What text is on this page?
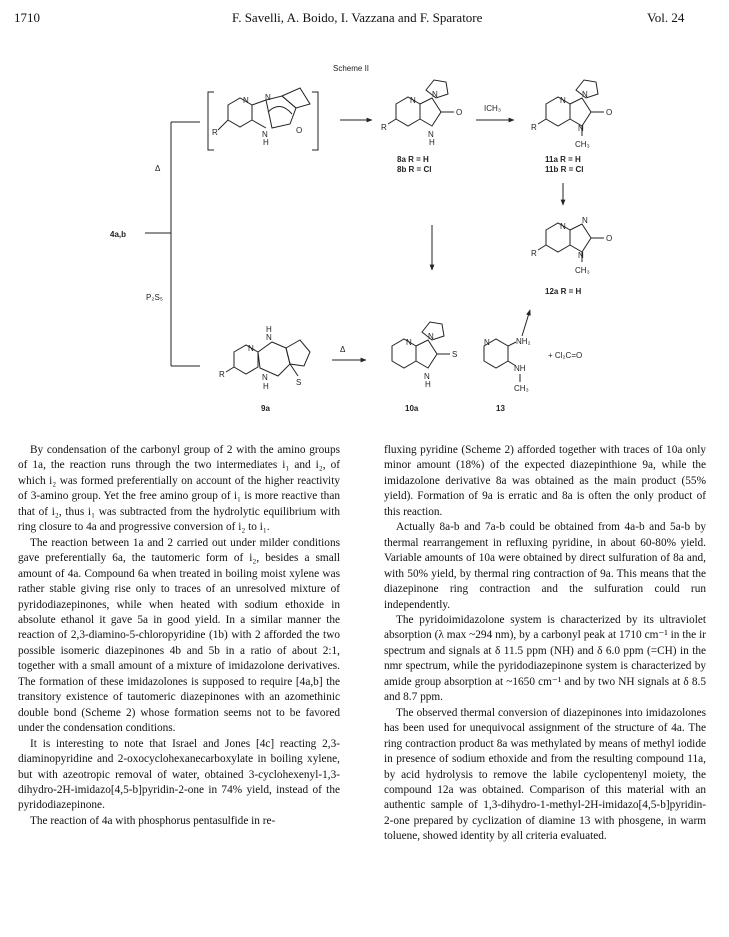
1710	F. Savelli, A. Boido, I. Vazzana and F. Sparatore	Vol. 24
Scheme II
Δ
4a,b
P₂S₅
N N
N
H
O
R
N
N
N
H
O
R
8a R = H
8b R = Cl
ICH₃
N
N
N
CH₃
O
R
11a R = H
11b R = Cl
N
N
N
CH₃
O
R
12a R = H
N
N
H
N
H	S
R
9a
Δ
N
N
N
H
S
10a
N	NH₂
NH
CH₃
13
+ Cl₂C=O

By condensation of the carbonyl group of 2 with the amino groups of 1a, the reaction runs through the two intermediates i₁ and i₂, of which i₂ was formed preferentially on account of the higher reactivity of 3-amino group. Yet the free amino group of i₁ is more reactive than that of i₂, thus i₁ was subtracted from the hydrolytic equilibrium with ring closure to 4a and progressive conversion of i₂ to i₁.

The reaction between 1a and 2 carried out under milder conditions gave preferentially 6a, the tautomeric form of i₂, besides a small amount of 4a. Compound 6a when treated in boiling moist xylene was rather stable giving rise only to traces of an unresolved mixture of pyridodiazepinones, while when heated with sodium ethoxide in absolute ethanol it gave 5a in good yield. In a similar manner the reaction of 2,3-diamino-5-chloropyridine (1b) with 2 afforded the two possible isomeric diazepinones 4b and 5b in a ratio of about 2:1, together with a small amount of a mixture of imidazolone derivatives. The formation of these imidazolones is supposed to require [4a,b] the transitory existence of tautomeric diazepinones with an azomethinic double bond (Scheme 2) whose formation seems not to be favored under the condensation conditions.

It is interesting to note that Israel and Jones [4c] reacting 2,3-diaminopyridine and 2-oxocyclohexanecarboxylate in boiling xylene, but with azeotropic removal of water, obtained 3-cyclohexenyl-1,3-dihydro-2H-imidazo[4,5-b]pyridin-2-one in 74% yield, instead of the pyridodiazepinone.

The reaction of 4a with phosphorus pentasulfide in re-

fluxing pyridine (Scheme 2) afforded together with traces of 10a only minor amount (18%) of the expected diazepinthione 9a, while the imidazolone derivative 8a was obtained as the main product (55% yield). Formation of 9a is erratic and 8a is often the only product of this reaction.

Actually 8a-b and 7a-b could be obtained from 4a-b and 5a-b by thermal rearrangement in refluxing pyridine, in about 60-80% yield. Variable amounts of 10a were obtained by direct sulfuration of 8a and, with 50% yield, by thermal ring contraction of 9a. This means that the diazepinone ring contraction and the sulfuration could run independently.

The pyridoimidazolone system is characterized by its ultraviolet absorption (λ max ~294 nm), by a carbonyl peak at 1710 cm⁻¹ in the ir spectrum and signals at δ 11.5 ppm (NH) and δ 6.0 ppm (=CH) in the nmr spectrum, while the pyridodiazepinone system is characterized by amide group absorption at ~1650 cm⁻¹ and by two NH signals at δ 8.5 and 8.7 ppm.

The observed thermal conversion of diazepinones into imidazolones has been used for unequivocal assignment of the structure of 4a. The ring contraction product 8a was methylated by means of methyl iodide in presence of sodium ethoxide and from the resulting compound 11a, by acid hydrolysis to remove the labile cyclopentenyl moiety, the compound 12a was obtained. Comparison of this material with an authentic sample of 1,3-dihydro-1-methyl-2H-imidazo[4,5-b]pyridin-2-one prepared by cyclization of diamine 13 with phosgene, in warm toluene, showed identity by all criteria evaluated.
